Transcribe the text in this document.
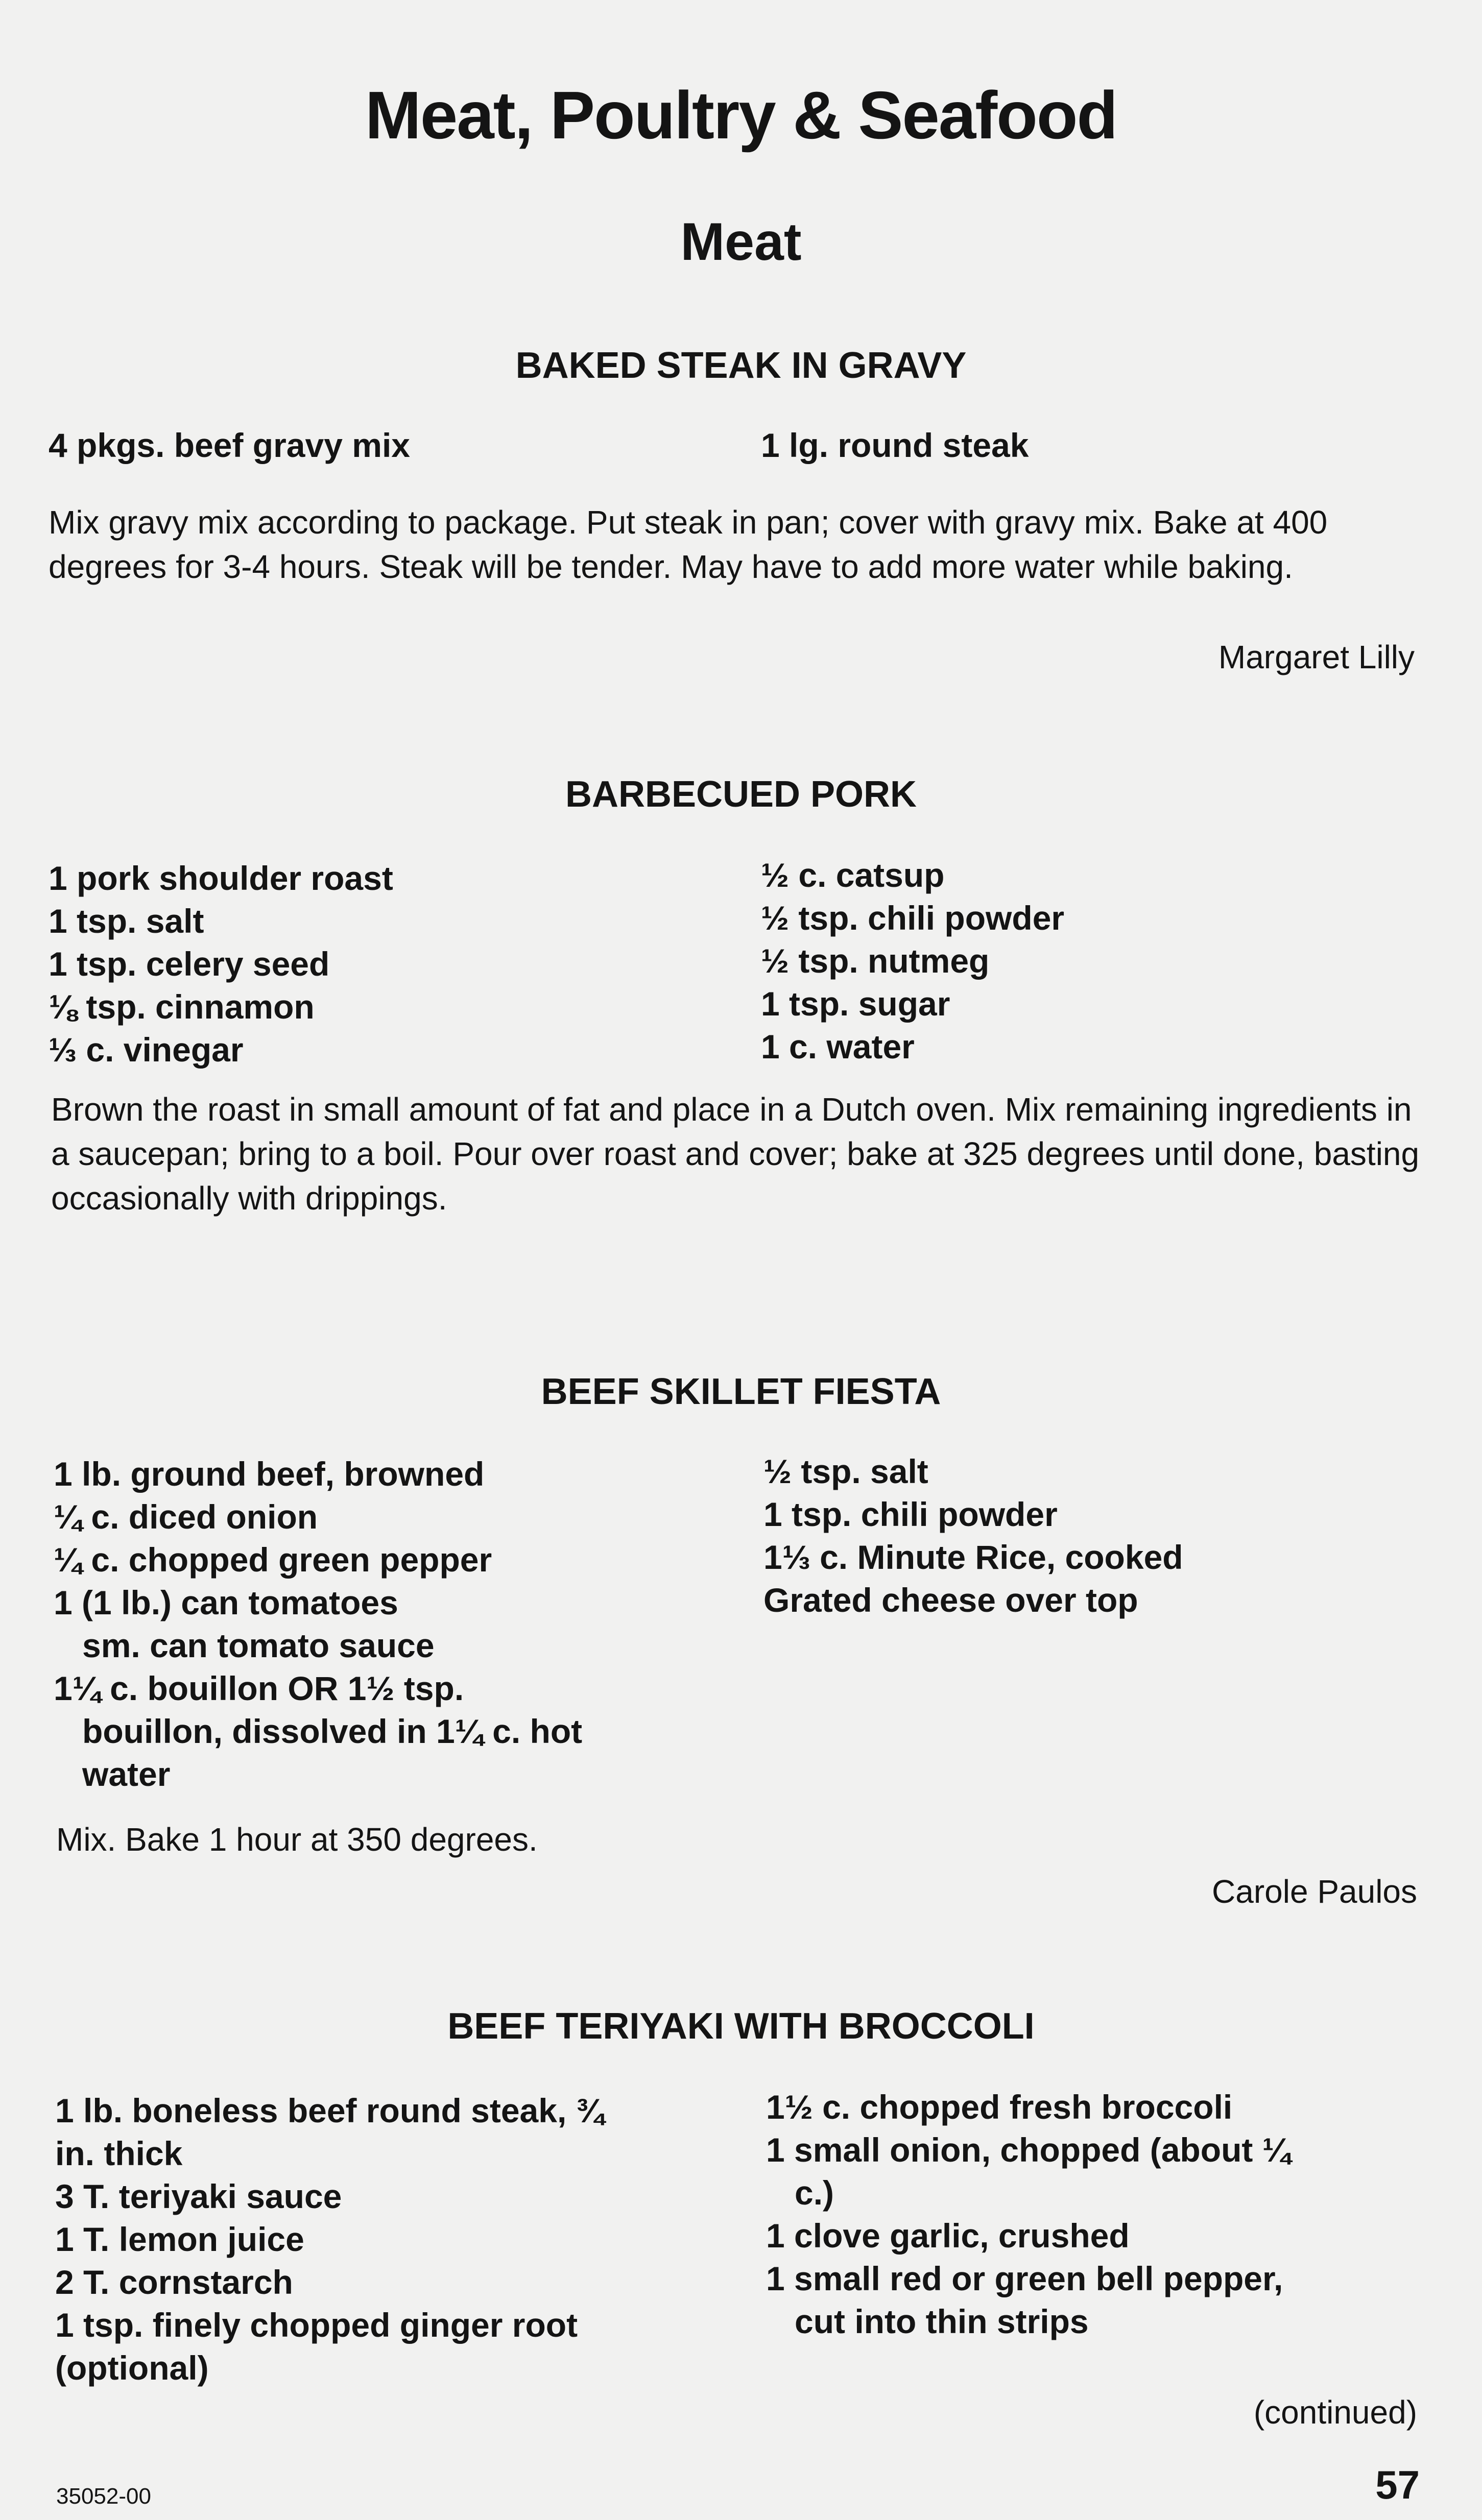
Meat, Poultry & Seafood
Meat
BAKED STEAK IN GRAVY
4 pkgs. beef gravy mix	1 lg. round steak
Mix gravy mix according to package. Put steak in pan; cover with gravy mix. Bake at 400 degrees for 3-4 hours. Steak will be tender. May have to add more water while baking.
Margaret Lilly
BARBECUED PORK
1 pork shoulder roast
1 tsp. salt
1 tsp. celery seed
⅛ tsp. cinnamon
⅓ c. vinegar
½ c. catsup
½ tsp. chili powder
½ tsp. nutmeg
1 tsp. sugar
1 c. water
Brown the roast in small amount of fat and place in a Dutch oven. Mix remaining ingredients in a saucepan; bring to a boil. Pour over roast and cover; bake at 325 degrees until done, basting occasionally with drippings.
BEEF SKILLET FIESTA
1 lb. ground beef, browned
¼ c. diced onion
¼ c. chopped green pepper
1 (1 lb.) can tomatoes
sm. can tomato sauce
1¼ c. bouillon OR 1½ tsp.
bouillon, dissolved in 1¼ c. hot
water
½ tsp. salt
1 tsp. chili powder
1⅓ c. Minute Rice, cooked
Grated cheese over top
Mix. Bake 1 hour at 350 degrees.
Carole Paulos
BEEF TERIYAKI WITH BROCCOLI
1 lb. boneless beef round steak, ¾
in. thick
3 T. teriyaki sauce
1 T. lemon juice
2 T. cornstarch
1 tsp. finely chopped ginger root
(optional)
1½ c. chopped fresh broccoli
1 small onion, chopped (about ¼
c.)
1 clove garlic, crushed
1 small red or green bell pepper,
cut into thin strips
(continued)
35052-00	57
